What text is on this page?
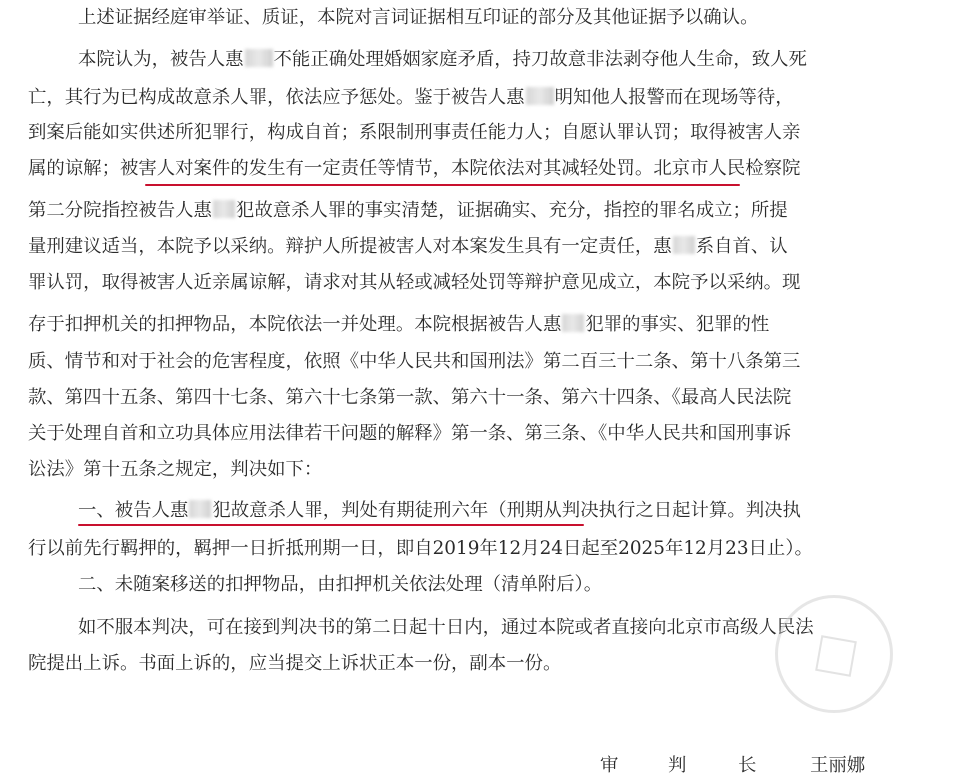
上述证据经庭审举证、质证，本院对言词证据相互印证的部分及其他证据予以确认。
本院认为，被告人惠 不能正确处理婚姻家庭矛盾，持刀故意非法剥夺他人生命，致人死
亡，其行为已构成故意杀人罪，依法应予惩处。鉴于被告人惠 明知他人报警而在现场等待，
到案后能如实供述所犯罪行，构成自首；系限制刑事责任能力人；自愿认罪认罚；取得被害人亲
属的谅解；被害人对案件的发生有一定责任等情节，本院依法对其减轻处罚。北京市人民检察院
第二分院指控被告人惠 犯故意杀人罪的事实清楚，证据确实、充分，指控的罪名成立；所提
量刑建议适当，本院予以采纳。辩护人所提被害人对本案发生具有一定责任，惠 系自首、认
罪认罚，取得被害人近亲属谅解，请求对其从轻或减轻处罚等辩护意见成立，本院予以采纳。现
存于扣押机关的扣押物品，本院依法一并处理。本院根据被告人惠 犯罪的事实、犯罪的性
质、情节和对于社会的危害程度，依照《中华人民共和国刑法》第二百三十二条、第十八条第三
款、第四十五条、第四十七条、第六十七条第一款、第六十一条、第六十四条、《最高人民法院
关于处理自首和立功具体应用法律若干问题的解释》第一条、第三条、《中华人民共和国刑事诉
讼法》第十五条之规定，判决如下：
一、被告人惠 犯故意杀人罪，判处有期徒刑六年（刑期从判决执行之日起计算。判决执
行以前先行羁押的，羁押一日折抵刑期一日，即自2019年12月24日起至2025年12月23日止）。
二、未随案移送的扣押物品，由扣押机关依法处理（清单附后）。
如不服本判决，可在接到判决书的第二日起十日内，通过本院或者直接向北京市高级人民法
院提出上诉。书面上诉的，应当提交上诉状正本一份，副本一份。
审	判	长	王丽娜
